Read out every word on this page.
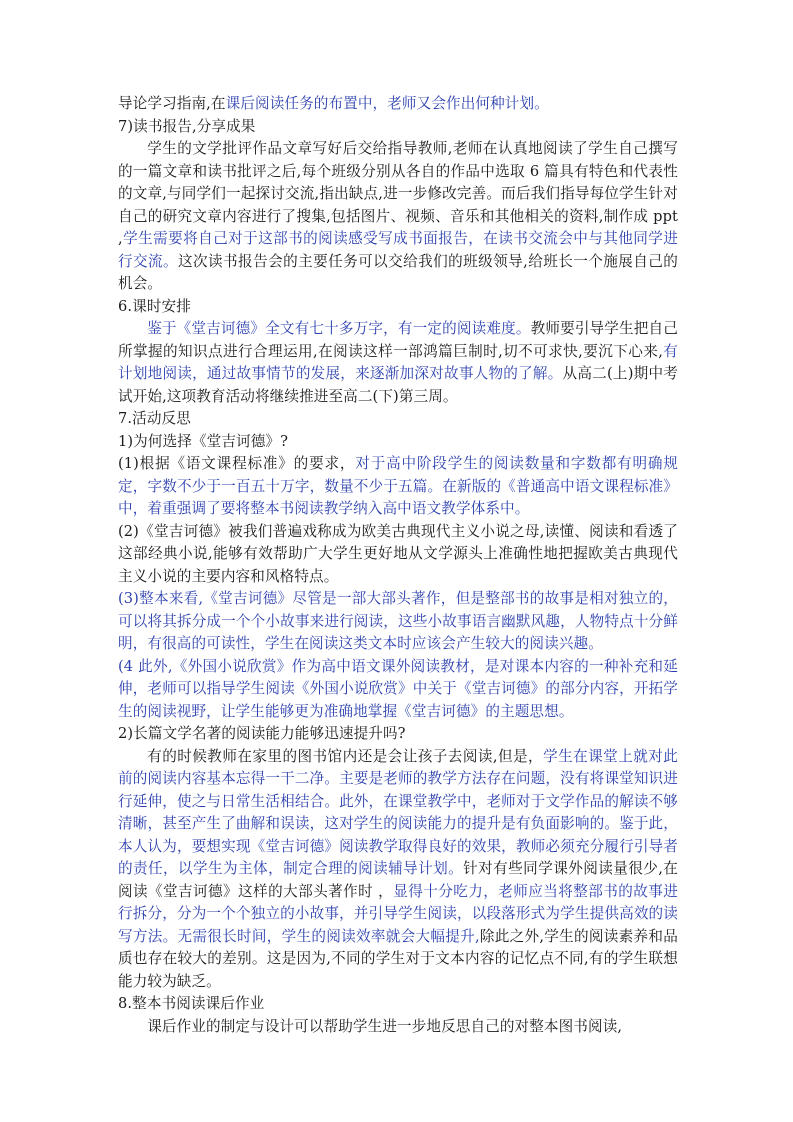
导论学习指南,在课后阅读任务的布置中，老师又会作出何种计划。

7)读书报告,分享成果

学生的文学批评作品文章写好后交给指导教师,老师在认真地阅读了学生自己撰写的一篇文章和读书批评之后,每个班级分别从各自的作品中选取 6 篇具有特色和代表性的文章,与同学们一起探讨交流,指出缺点,进一步修改完善。而后我们指导每位学生针对自己的研究文章内容进行了搜集,包括图片、视频、音乐和其他相关的资料,制作成 ppt ,学生需要将自己对于这部书的阅读感受写成书面报告，在读书交流会中与其他同学进行交流。这次读书报告会的主要任务可以交给我们的班级领导,给班长一个施展自己的机会。

6.课时安排

鉴于《堂吉诃德》全文有七十多万字，有一定的阅读难度。教师要引导学生把自己所掌握的知识点进行合理运用,在阅读这样一部鸿篇巨制时,切不可求快,要沉下心来,有计划地阅读，通过故事情节的发展，来逐渐加深对故事人物的了解。从高二(上)期中考试开始,这项教育活动将继续推进至高二(下)第三周。

7.活动反思

1)为何选择《堂吉诃德》?

(1)根据《语文课程标准》的要求，对于高中阶段学生的阅读数量和字数都有明确规定，字数不少于一百五十万字，数量不少于五篇。在新版的《普通高中语文课程标准》中，着重强调了要将整本书阅读教学纳入高中语文教学体系中。

(2)《堂吉诃德》被我们普遍戏称成为欧美古典现代主义小说之母,读懂、阅读和看透了这部经典小说,能够有效帮助广大学生更好地从文学源头上准确性地把握欧美古典现代主义小说的主要内容和风格特点。

(3)整本来看,《堂吉诃德》尽管是一部大部头著作，但是整部书的故事是相对独立的，可以将其拆分成一个个小故事来进行阅读，这些小故事语言幽默风趣，人物特点十分鲜明，有很高的可读性，学生在阅读这类文本时应该会产生较大的阅读兴趣。

(4 此外,《外国小说欣赏》作为高中语文课外阅读教材，是对课本内容的一种补充和延伸，老师可以指导学生阅读《外国小说欣赏》中关于《堂吉诃德》的部分内容，开拓学生的阅读视野，让学生能够更为准确地掌握《堂吉诃德》的主题思想。

2)长篇文学名著的阅读能力能够迅速提升吗?

有的时候教师在家里的图书馆内还是会让孩子去阅读,但是，学生在课堂上就对此前的阅读内容基本忘得一干二净。主要是老师的教学方法存在问题，没有将课堂知识进行延伸，使之与日常生活相结合。此外，在课堂教学中，老师对于文学作品的解读不够清晰，甚至产生了曲解和误读，这对学生的阅读能力的提升是有负面影响的。鉴于此，本人认为，要想实现《堂吉诃德》阅读教学取得良好的效果，教师必须充分履行引导者的责任，以学生为主体，制定合理的阅读辅导计划。针对有些同学课外阅读量很少,在阅读《堂吉诃德》这样的大部头著作时 ，显得十分吃力，老师应当将整部书的故事进行拆分，分为一个个独立的小故事，并引导学生阅读，以段落形式为学生提供高效的读写方法。无需很长时间，学生的阅读效率就会大幅提升,除此之外,学生的阅读素养和品质也存在较大的差别。这是因为,不同的学生对于文本内容的记忆点不同,有的学生联想能力较为缺乏。

8.整本书阅读课后作业

课后作业的制定与设计可以帮助学生进一步地反思自己的对整本图书阅读,
